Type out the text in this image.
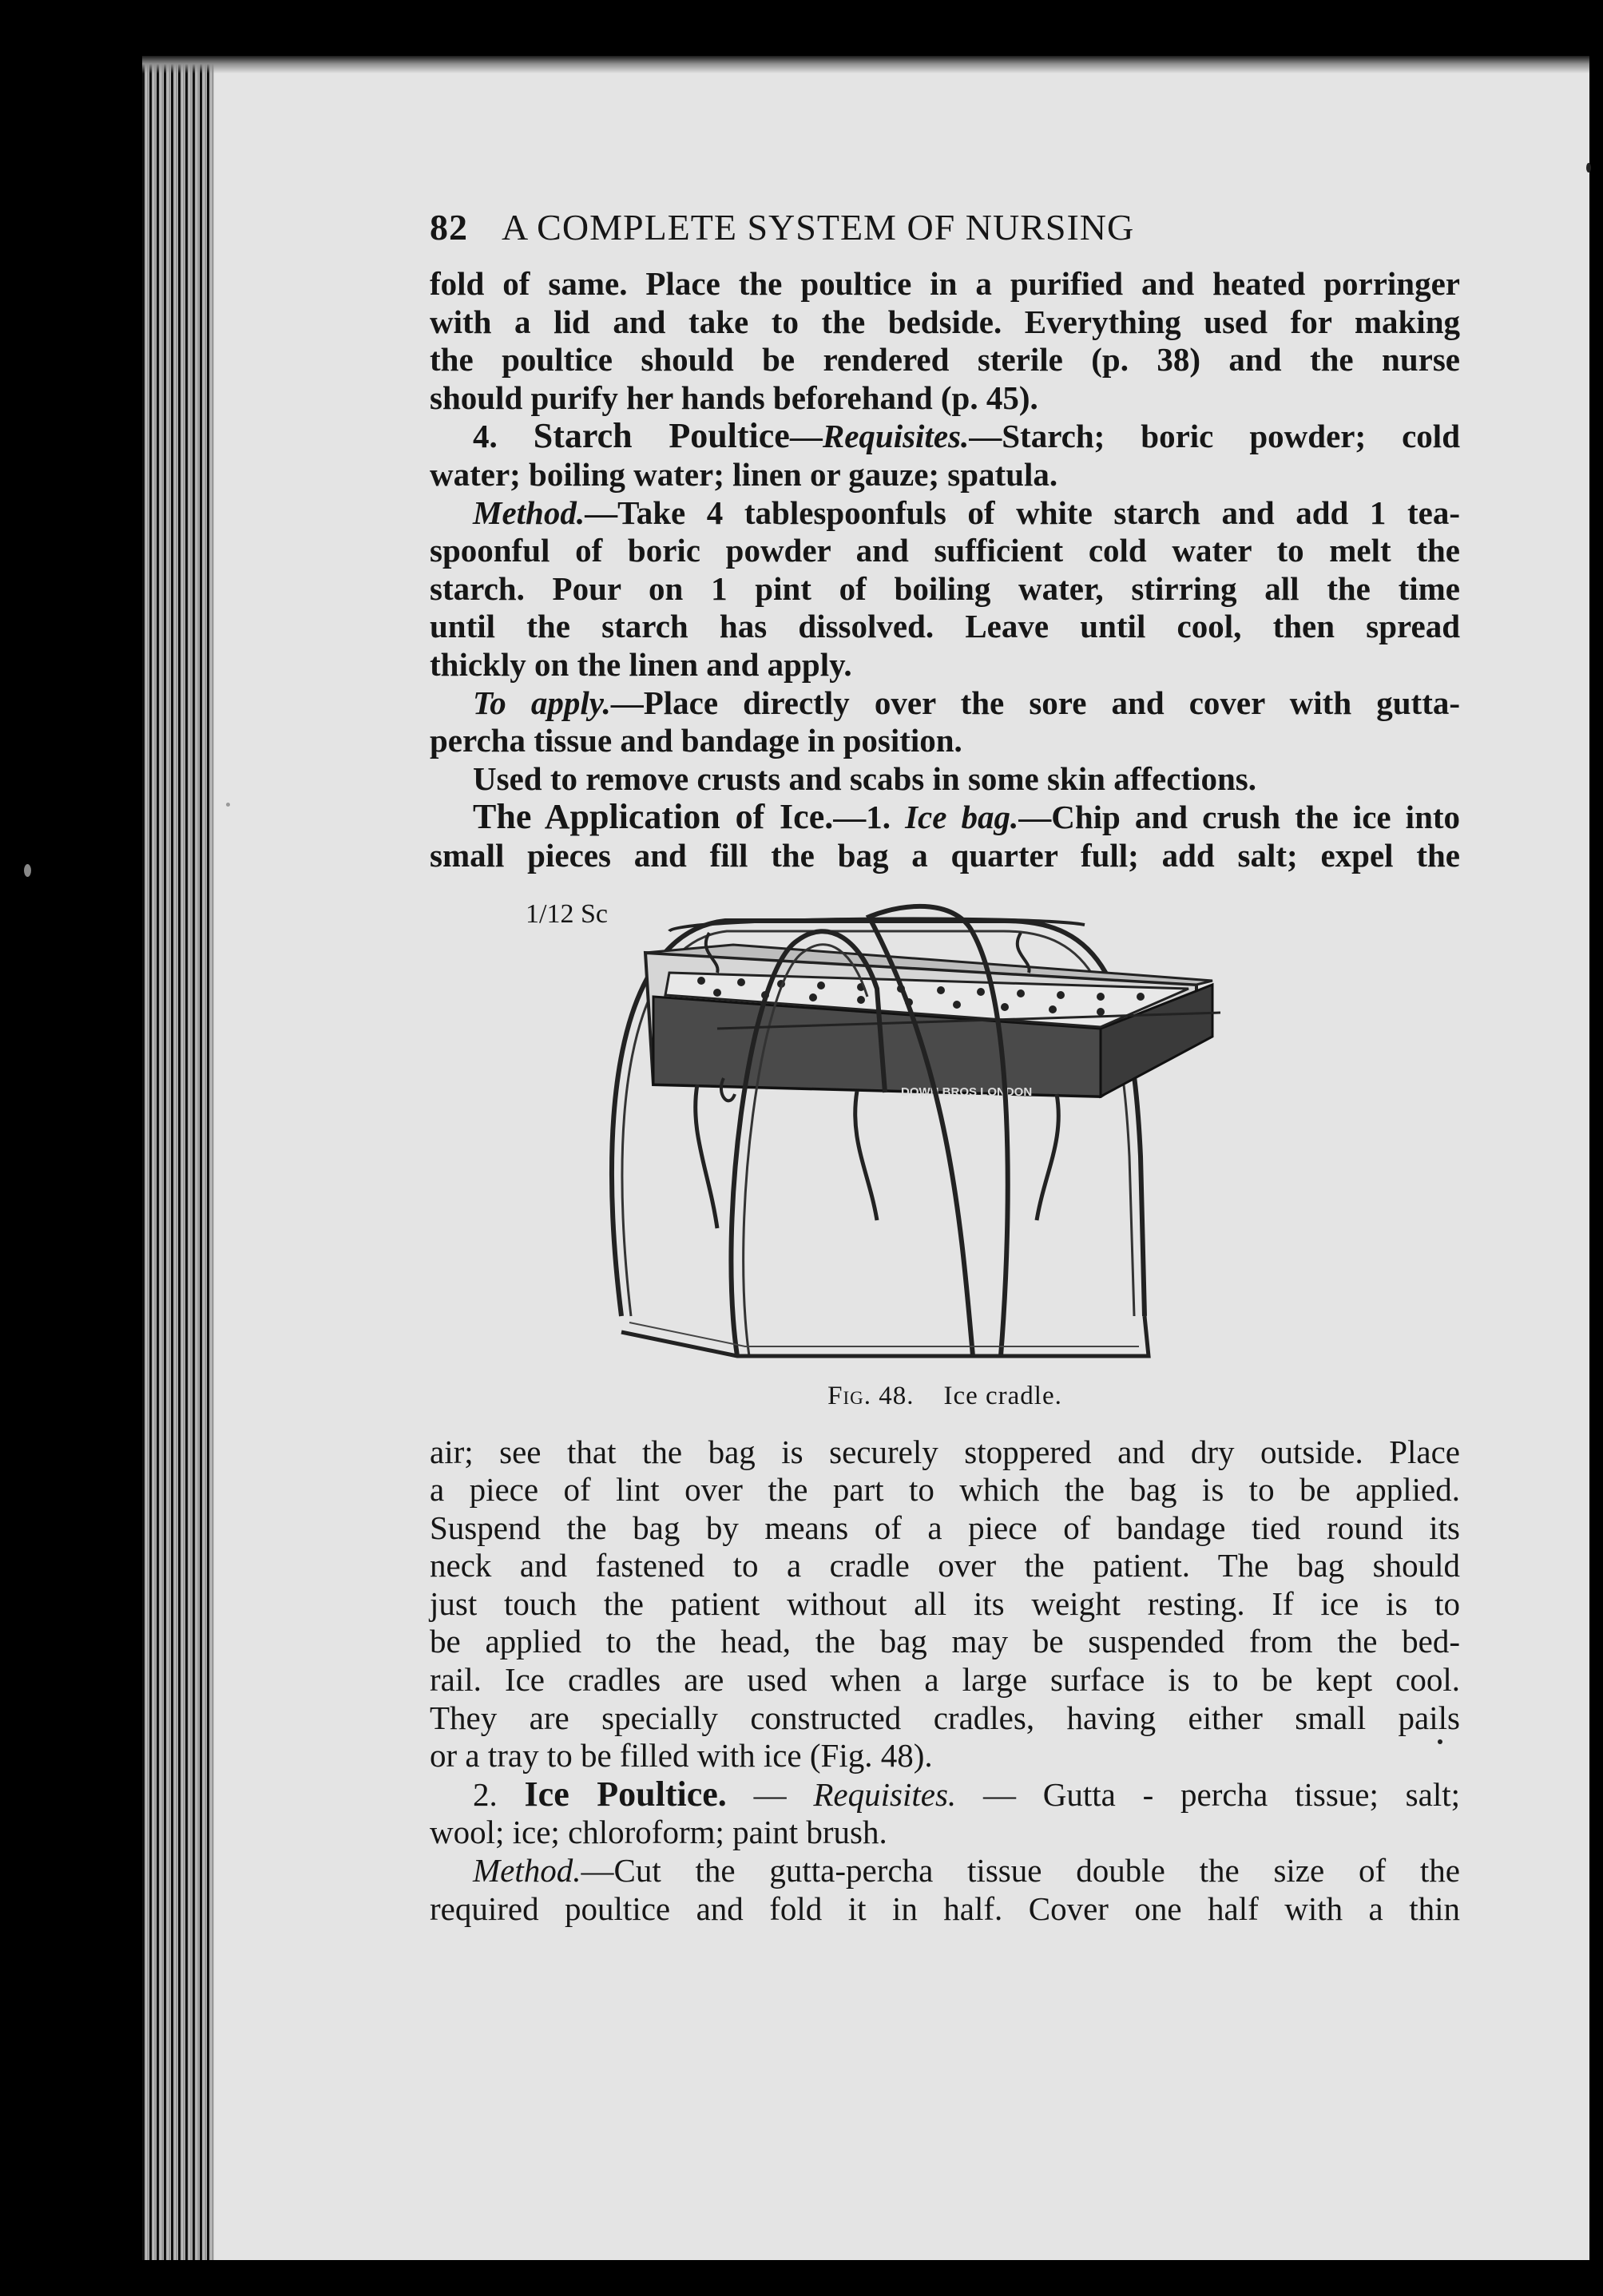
82 A COMPLETE SYSTEM OF NURSING

fold of same. Place the poultice in a purified and heated porringer

with a lid and take to the bedside. Everything used for making

the poultice should be rendered sterile (p. 38) and the nurse

should purify her hands beforehand (p. 45).

4. Starch Poultice—Requisites.—Starch; boric powder; cold

water; boiling water; linen or gauze; spatula.

Method.—Take 4 tablespoonfuls of white starch and add 1 tea-

spoonful of boric powder and sufficient cold water to melt the

starch. Pour on 1 pint of boiling water, stirring all the time

until the starch has dissolved. Leave until cool, then spread

thickly on the linen and apply.

To apply.—Place directly over the sore and cover with gutta-

percha tissue and bandage in position.

Used to remove crusts and scabs in some skin affections.

The Application of Ice.—1. Ice bag.—Chip and crush the ice into

small pieces and fill the bag a quarter full; add salt; expel the

1/12 Sc
DOWN BROS LONDON
Fig. 48. Ice cradle.

air; see that the bag is securely stoppered and dry outside. Place

a piece of lint over the part to which the bag is to be applied.

Suspend the bag by means of a piece of bandage tied round its

neck and fastened to a cradle over the patient. The bag should

just touch the patient without all its weight resting. If ice is to

be applied to the head, the bag may be suspended from the bed-

rail. Ice cradles are used when a large surface is to be kept cool.

They are specially constructed cradles, having either small pails

or a tray to be filled with ice (Fig. 48).

2. Ice Poultice. — Requisites. — Gutta - percha tissue; salt;

wool; ice; chloroform; paint brush.

Method.—Cut the gutta-percha tissue double the size of the

required poultice and fold it in half. Cover one half with a thin
